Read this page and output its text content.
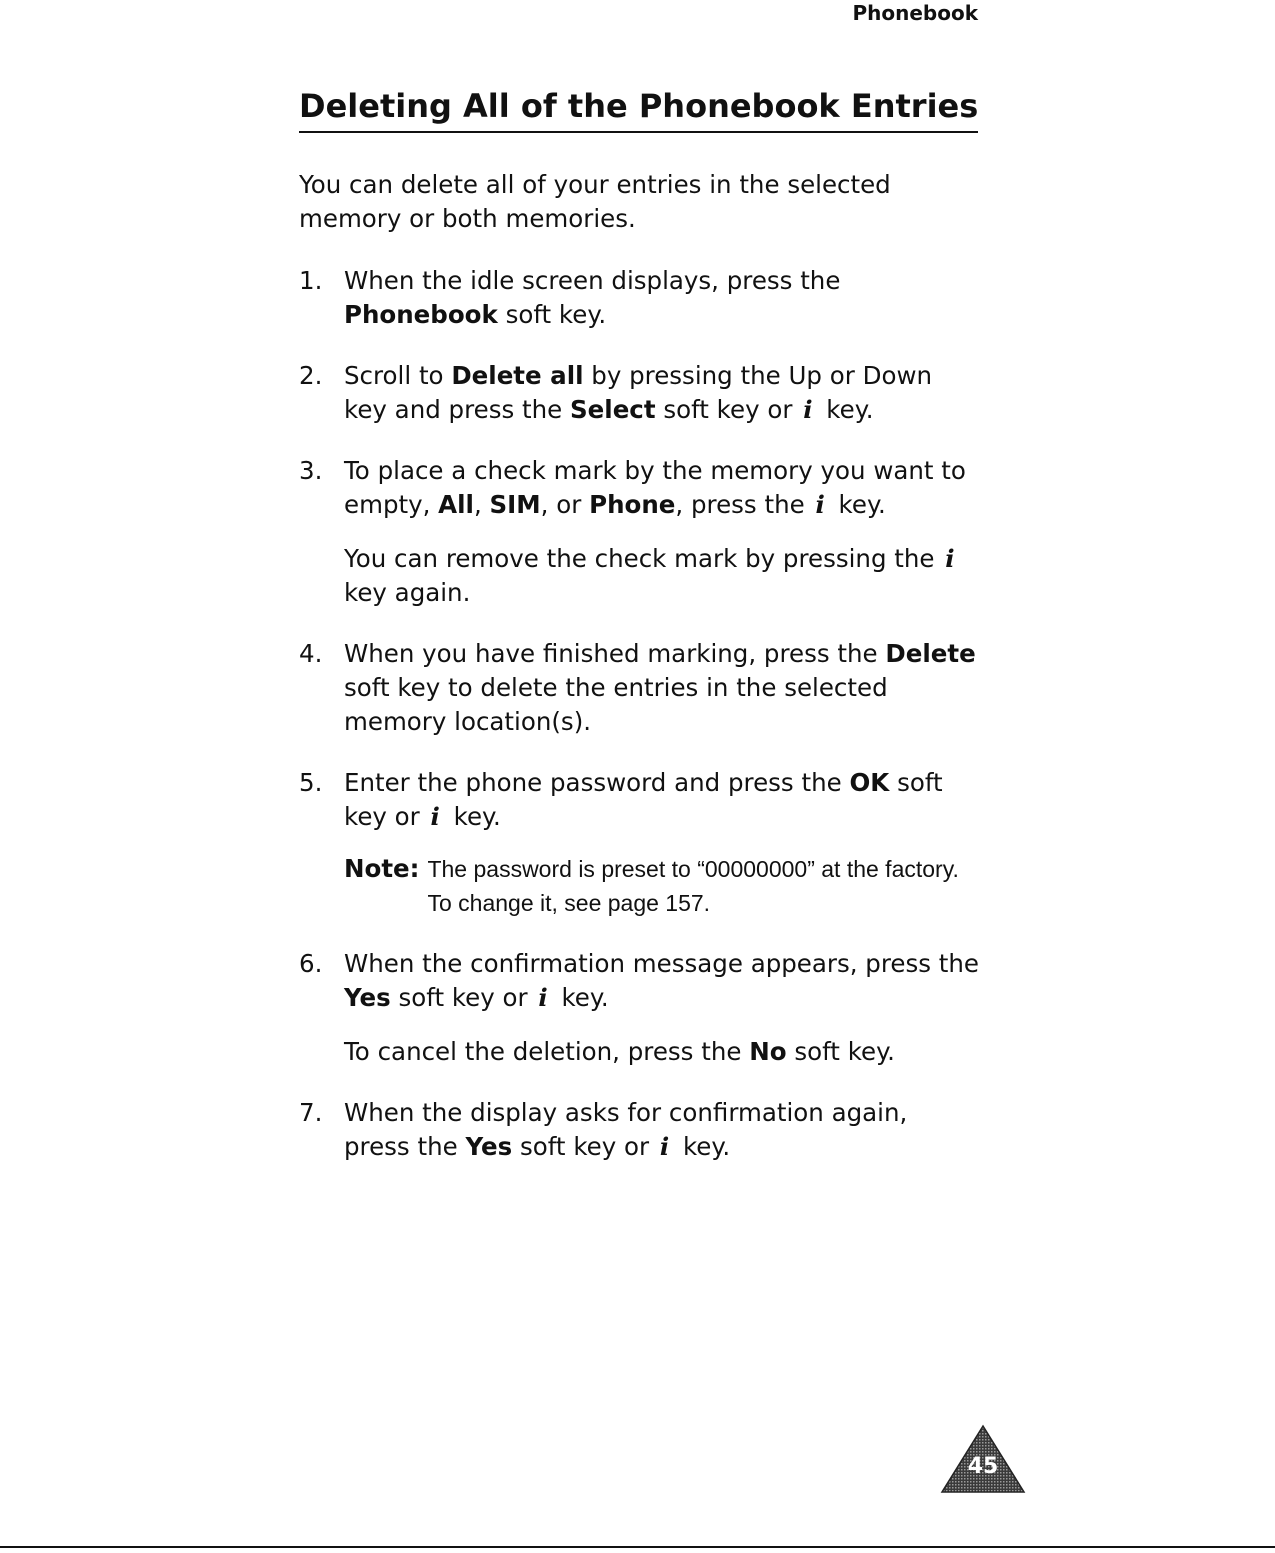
Phonebook
Deleting All of the Phonebook Entries

You can delete all of your entries in the selected memory or both memories.

1. When the idle screen displays, press the Phonebook soft key.

2. Scroll to Delete all by pressing the Up or Down key and press the Select soft key or i key.

3. To place a check mark by the memory you want to empty, All, SIM, or Phone, press the i key.

You can remove the check mark by pressing the i key again.

4. When you have finished marking, press the Delete soft key to delete the entries in the selected memory location(s).

5. Enter the phone password and press the OK soft key or i key.

Note: The password is preset to “00000000” at the factory. To change it, see page 157.

6. When the confirmation message appears, press the Yes soft key or i key.

To cancel the deletion, press the No soft key.

7. When the display asks for confirmation again, press the Yes soft key or i key.

45
